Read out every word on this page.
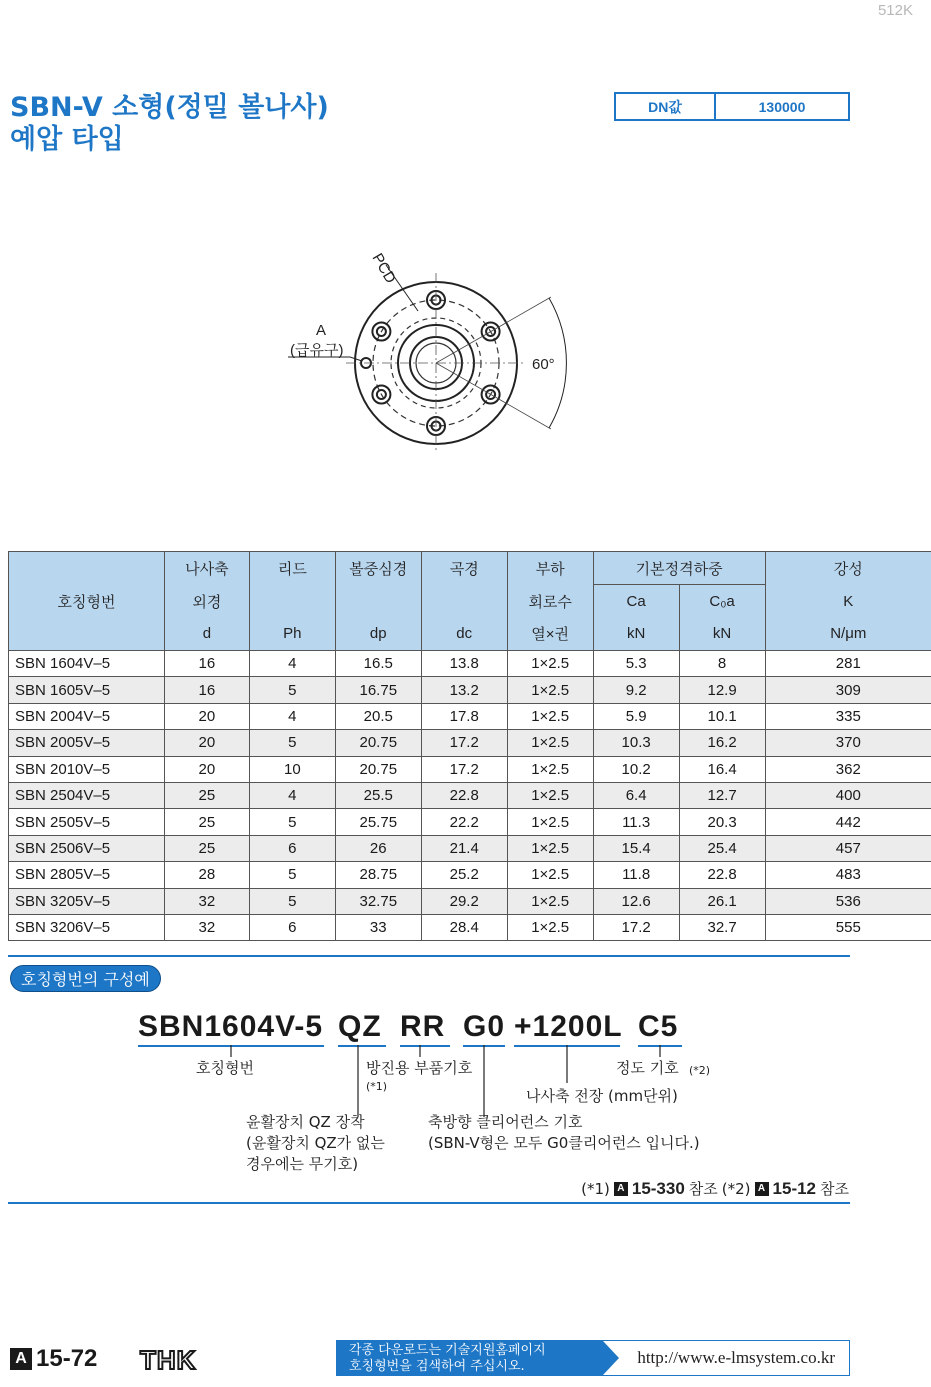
512K
SBN-V 소형(정밀 볼나사)
예압 타입
DN값	130000
PCD
A
(급유구)
60°
호칭형번	나사축	리드	볼중심경	곡경	부하	기본정격하중		강성
	외경				회로수	Ca	C₀a	K
	d	Ph	dp	dc	열×권	kN	kN	N/μm
SBN 1604V–5	16	4	16.5	13.8	1×2.5	5.3	8	281
SBN 1605V–5	16	5	16.75	13.2	1×2.5	9.2	12.9	309
SBN 2004V–5	20	4	20.5	17.8	1×2.5	5.9	10.1	335
SBN 2005V–5	20	5	20.75	17.2	1×2.5	10.3	16.2	370
SBN 2010V–5	20	10	20.75	17.2	1×2.5	10.2	16.4	362
SBN 2504V–5	25	4	25.5	22.8	1×2.5	6.4	12.7	400
SBN 2505V–5	25	5	25.75	22.2	1×2.5	11.3	20.3	442
SBN 2506V–5	25	6	26	21.4	1×2.5	15.4	25.4	457
SBN 2805V–5	28	5	28.75	25.2	1×2.5	11.8	22.8	483
SBN 3205V–5	32	5	32.75	29.2	1×2.5	12.6	26.1	536
SBN 3206V–5	32	6	33	28.4	1×2.5	17.2	32.7	555
호칭형번의 구성예
SBN1604V-5 QZ RR G0 +1200L C5
호칭형번	방진용 부품기호
(*1)
정도 기호 (*2)
나사축 전장 (mm단위)
윤활장치 QZ 장착
(윤활장치 QZ가 없는
경우에는 무기호)
축방향 클리어런스 기호
(SBN-V형은 모두 G0클리어런스 입니다.)
(*1) A 15-330 참조 (*2) A 15-12 참조
A 15-72 THK	각종 다운로드는 기술지원홈페이지
호칭형번을 검색하여 주십시오.	http://www.e-lmsystem.co.kr
